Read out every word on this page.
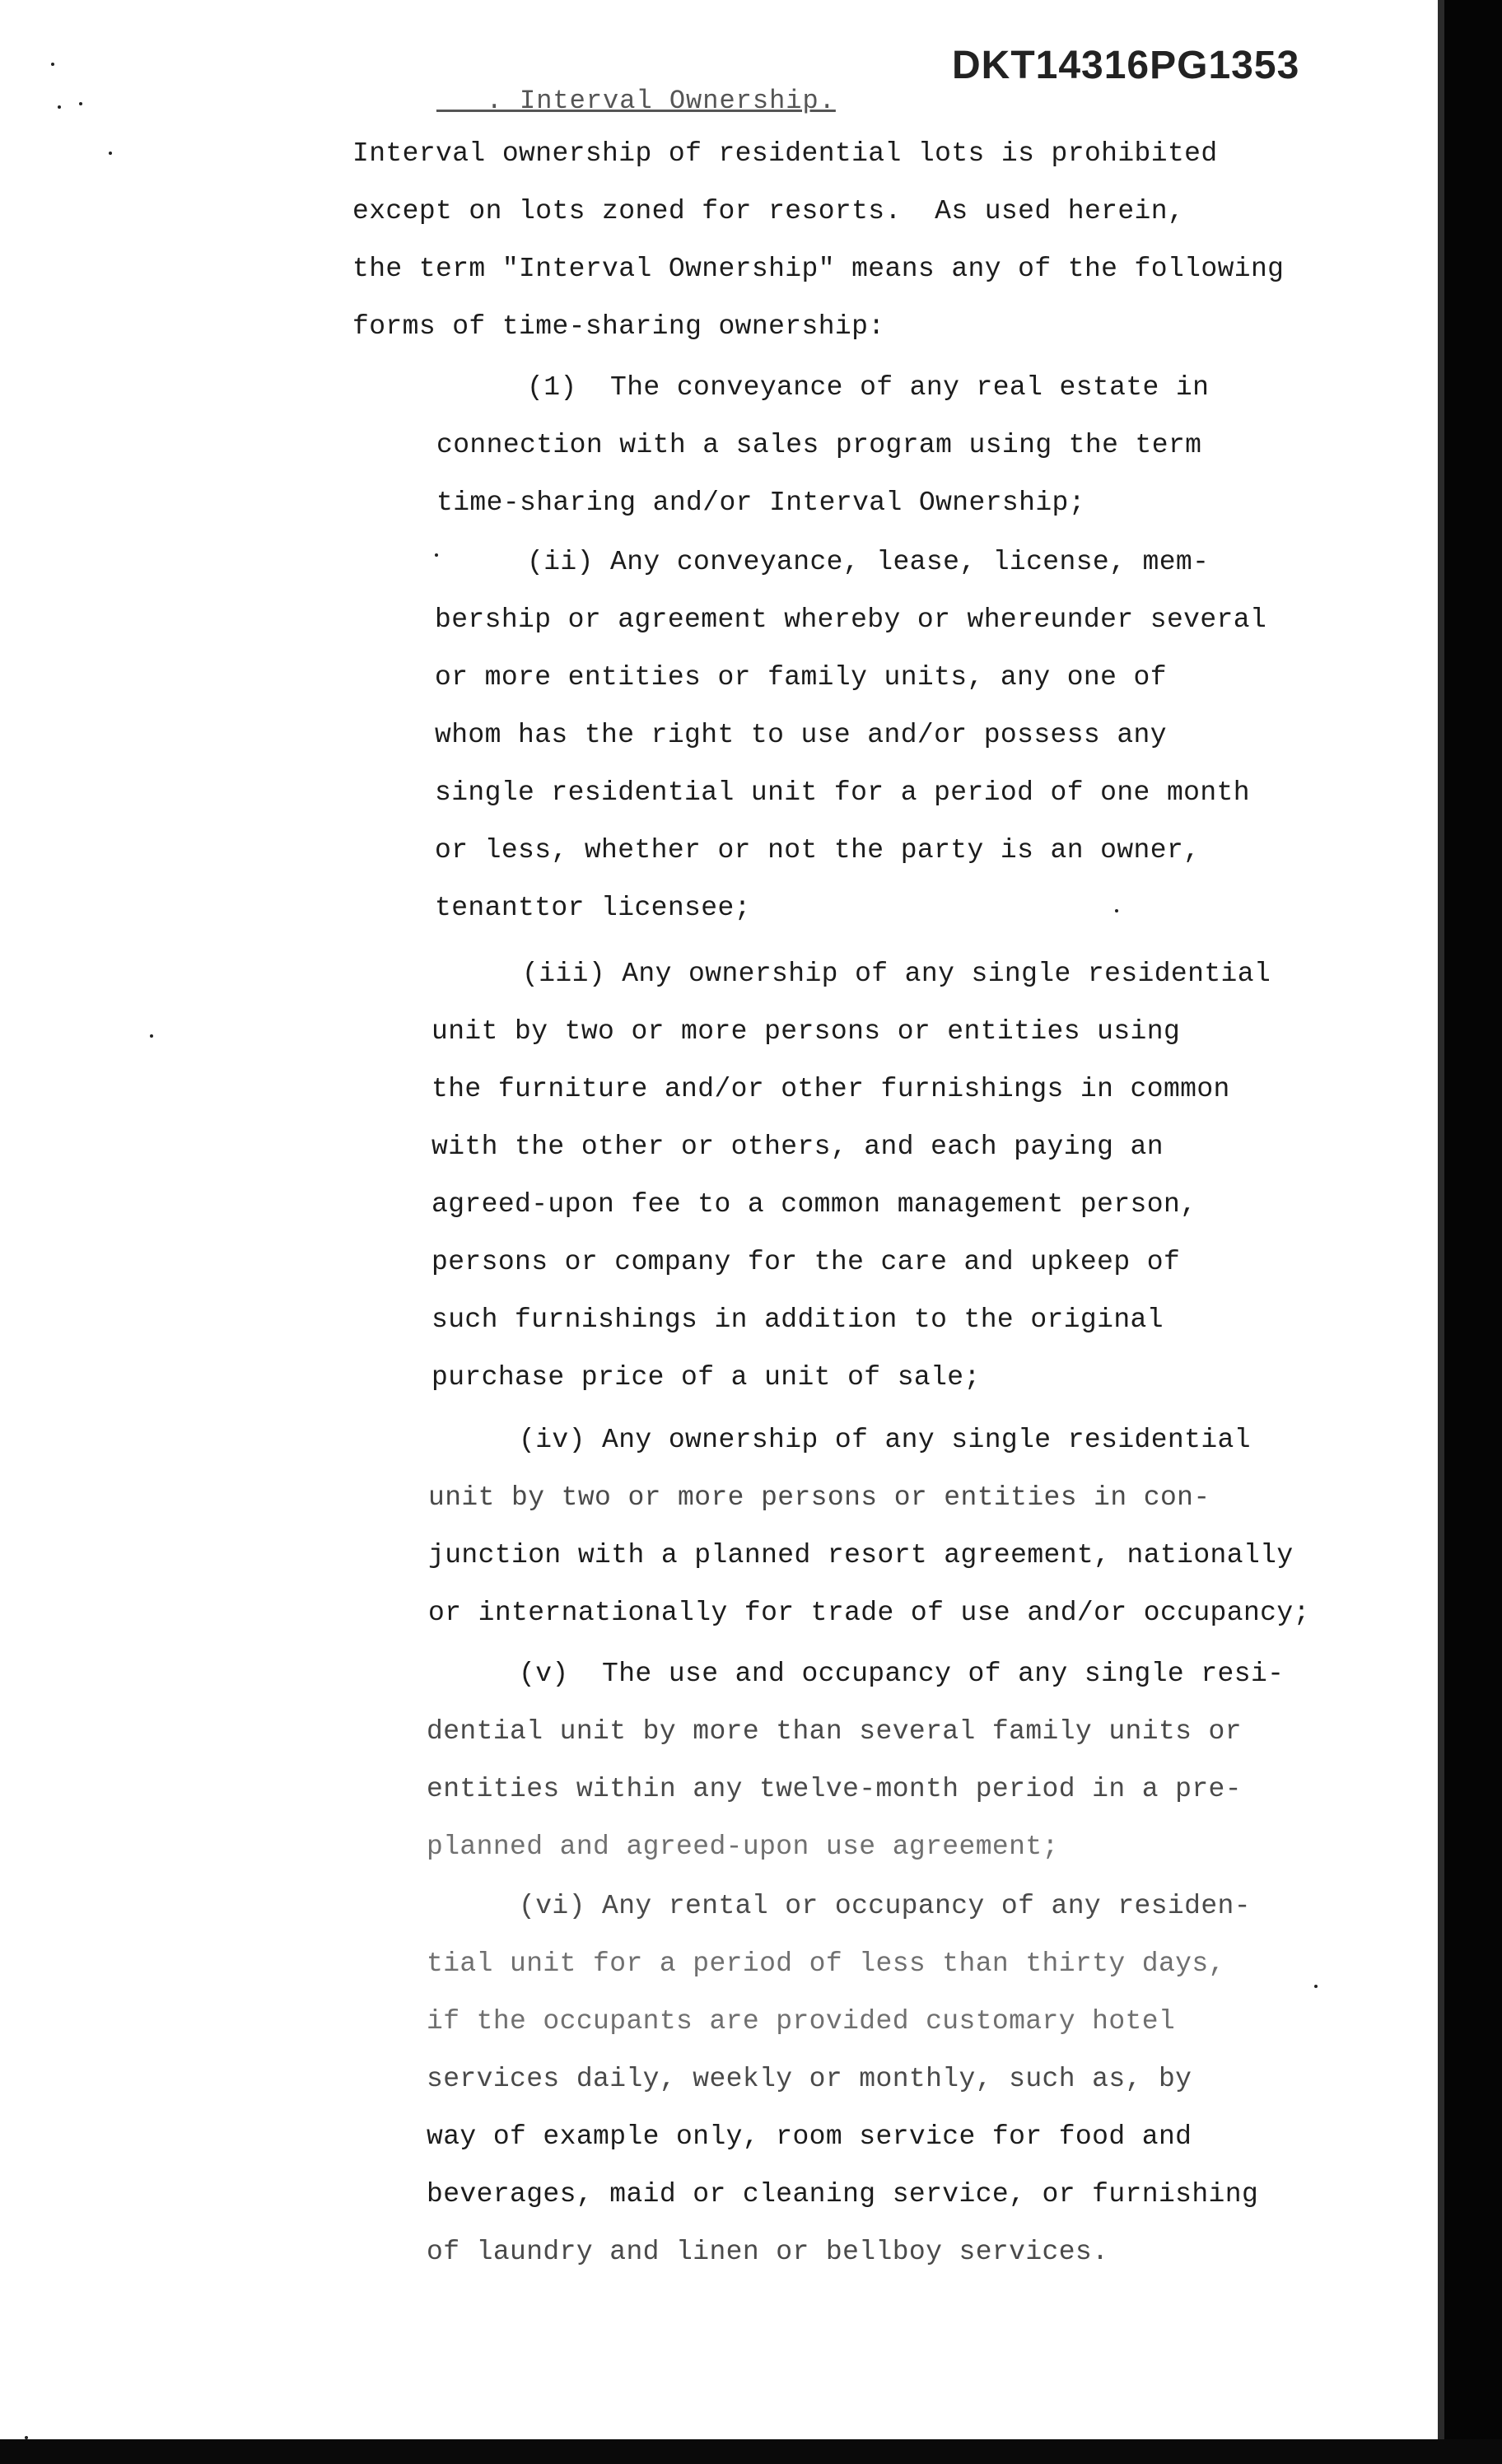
DKT14316PG1353
___. Interval Ownership.
Interval ownership of residential lots is prohibited
except on lots zoned for resorts.  As used herein,
the term "Interval Ownership" means any of the following
forms of time-sharing ownership:
(1)  The conveyance of any real estate in
connection with a sales program using the term
time-sharing and/or Interval Ownership;
(ii) Any conveyance, lease, license, mem-
bership or agreement whereby or whereunder several
or more entities or family units, any one of
whom has the right to use and/or possess any
single residential unit for a period of one month
or less, whether or not the party is an owner,
tenanttor licensee;
(iii) Any ownership of any single residential
unit by two or more persons or entities using
the furniture and/or other furnishings in common
with the other or others, and each paying an
agreed-upon fee to a common management person,
persons or company for the care and upkeep of
such furnishings in addition to the original
purchase price of a unit of sale;
(iv) Any ownership of any single residential
unit by two or more persons or entities in con-
junction with a planned resort agreement, nationally
or internationally for trade of use and/or occupancy;
(v)  The use and occupancy of any single resi-
dential unit by more than several family units or
entities within any twelve-month period in a pre-
planned and agreed-upon use agreement;
(vi) Any rental or occupancy of any residen-
tial unit for a period of less than thirty days,
if the occupants are provided customary hotel
services daily, weekly or monthly, such as, by
way of example only, room service for food and
beverages, maid or cleaning service, or furnishing
of laundry and linen or bellboy services.
